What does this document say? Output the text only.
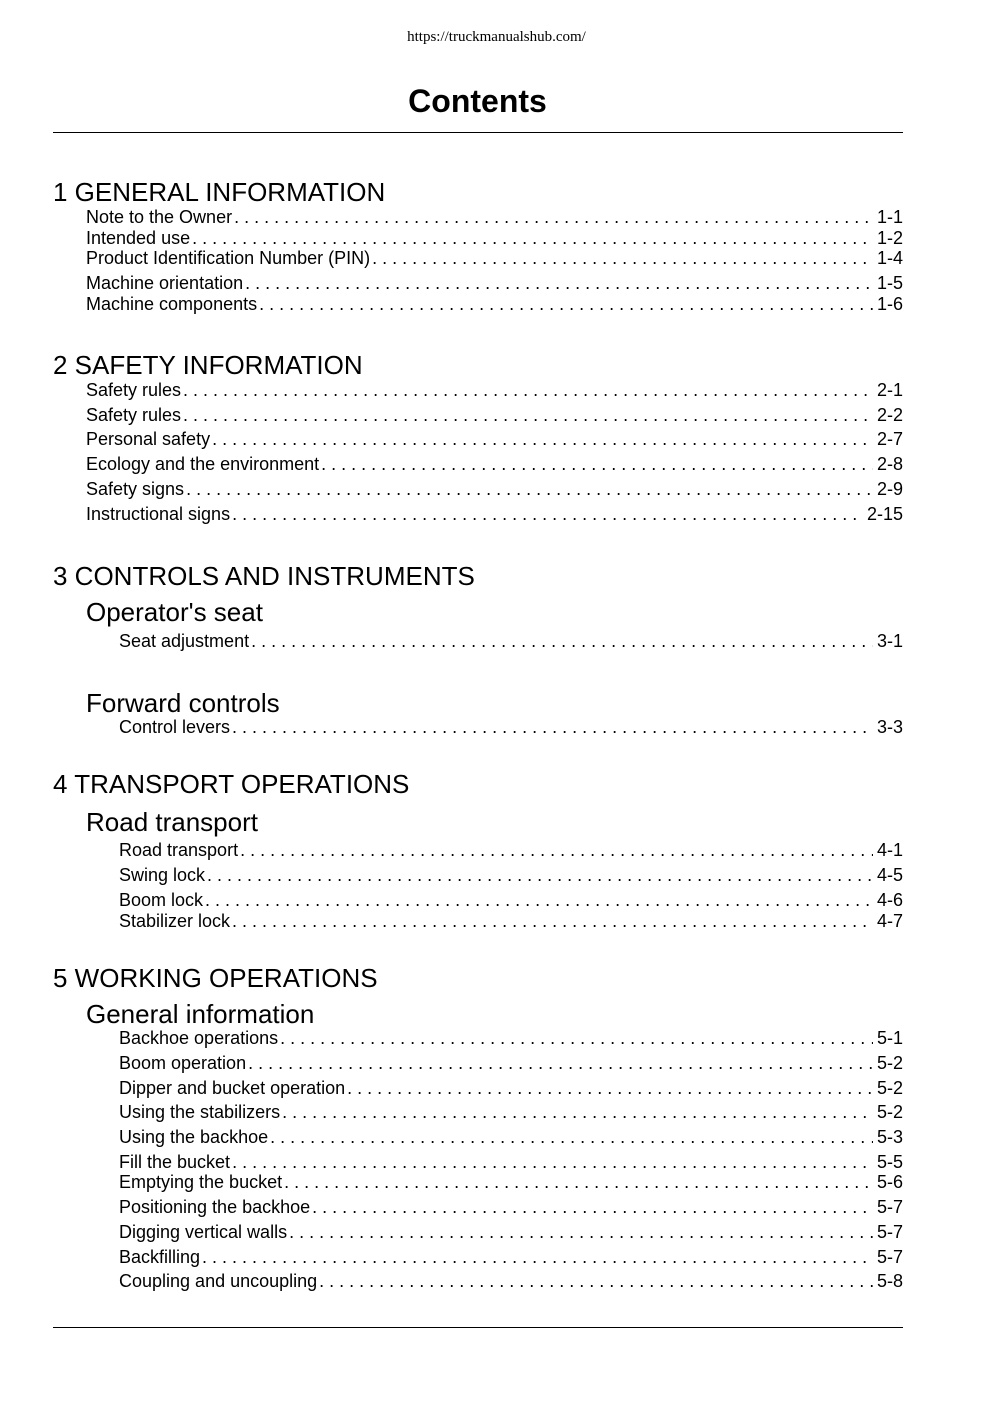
https://truckmanualshub.com/
Contents
1 GENERAL INFORMATION
Note to the Owner . . .	1-1
Intended use . . .	1-2
Product Identification Number (PIN) . . .	1-4
Machine orientation . . .	1-5
Machine components . . .	1-6
2 SAFETY INFORMATION
Safety rules . . .	2-1
Safety rules . . .	2-2
Personal safety . . .	2-7
Ecology and the environment . . .	2-8
Safety signs . . .	2-9
Instructional signs . . .	2-15
3 CONTROLS AND INSTRUMENTS
Operator's seat
Seat adjustment . . .	3-1
Forward controls
Control levers . . .	3-3
4 TRANSPORT OPERATIONS
Road transport
Road transport . . .	4-1
Swing lock . . .	4-5
Boom lock . . .	4-6
Stabilizer lock . . .	4-7
5 WORKING OPERATIONS
General information
Backhoe operations . . .	5-1
Boom operation . . .	5-2
Dipper and bucket operation . . .	5-2
Using the stabilizers . . .	5-2
Using the backhoe . . .	5-3
Fill the bucket . . .	5-5
Emptying the bucket . . .	5-6
Positioning the backhoe . . .	5-7
Digging vertical walls . . .	5-7
Backfilling . . .	5-7
Coupling and uncoupling . . .	5-8
